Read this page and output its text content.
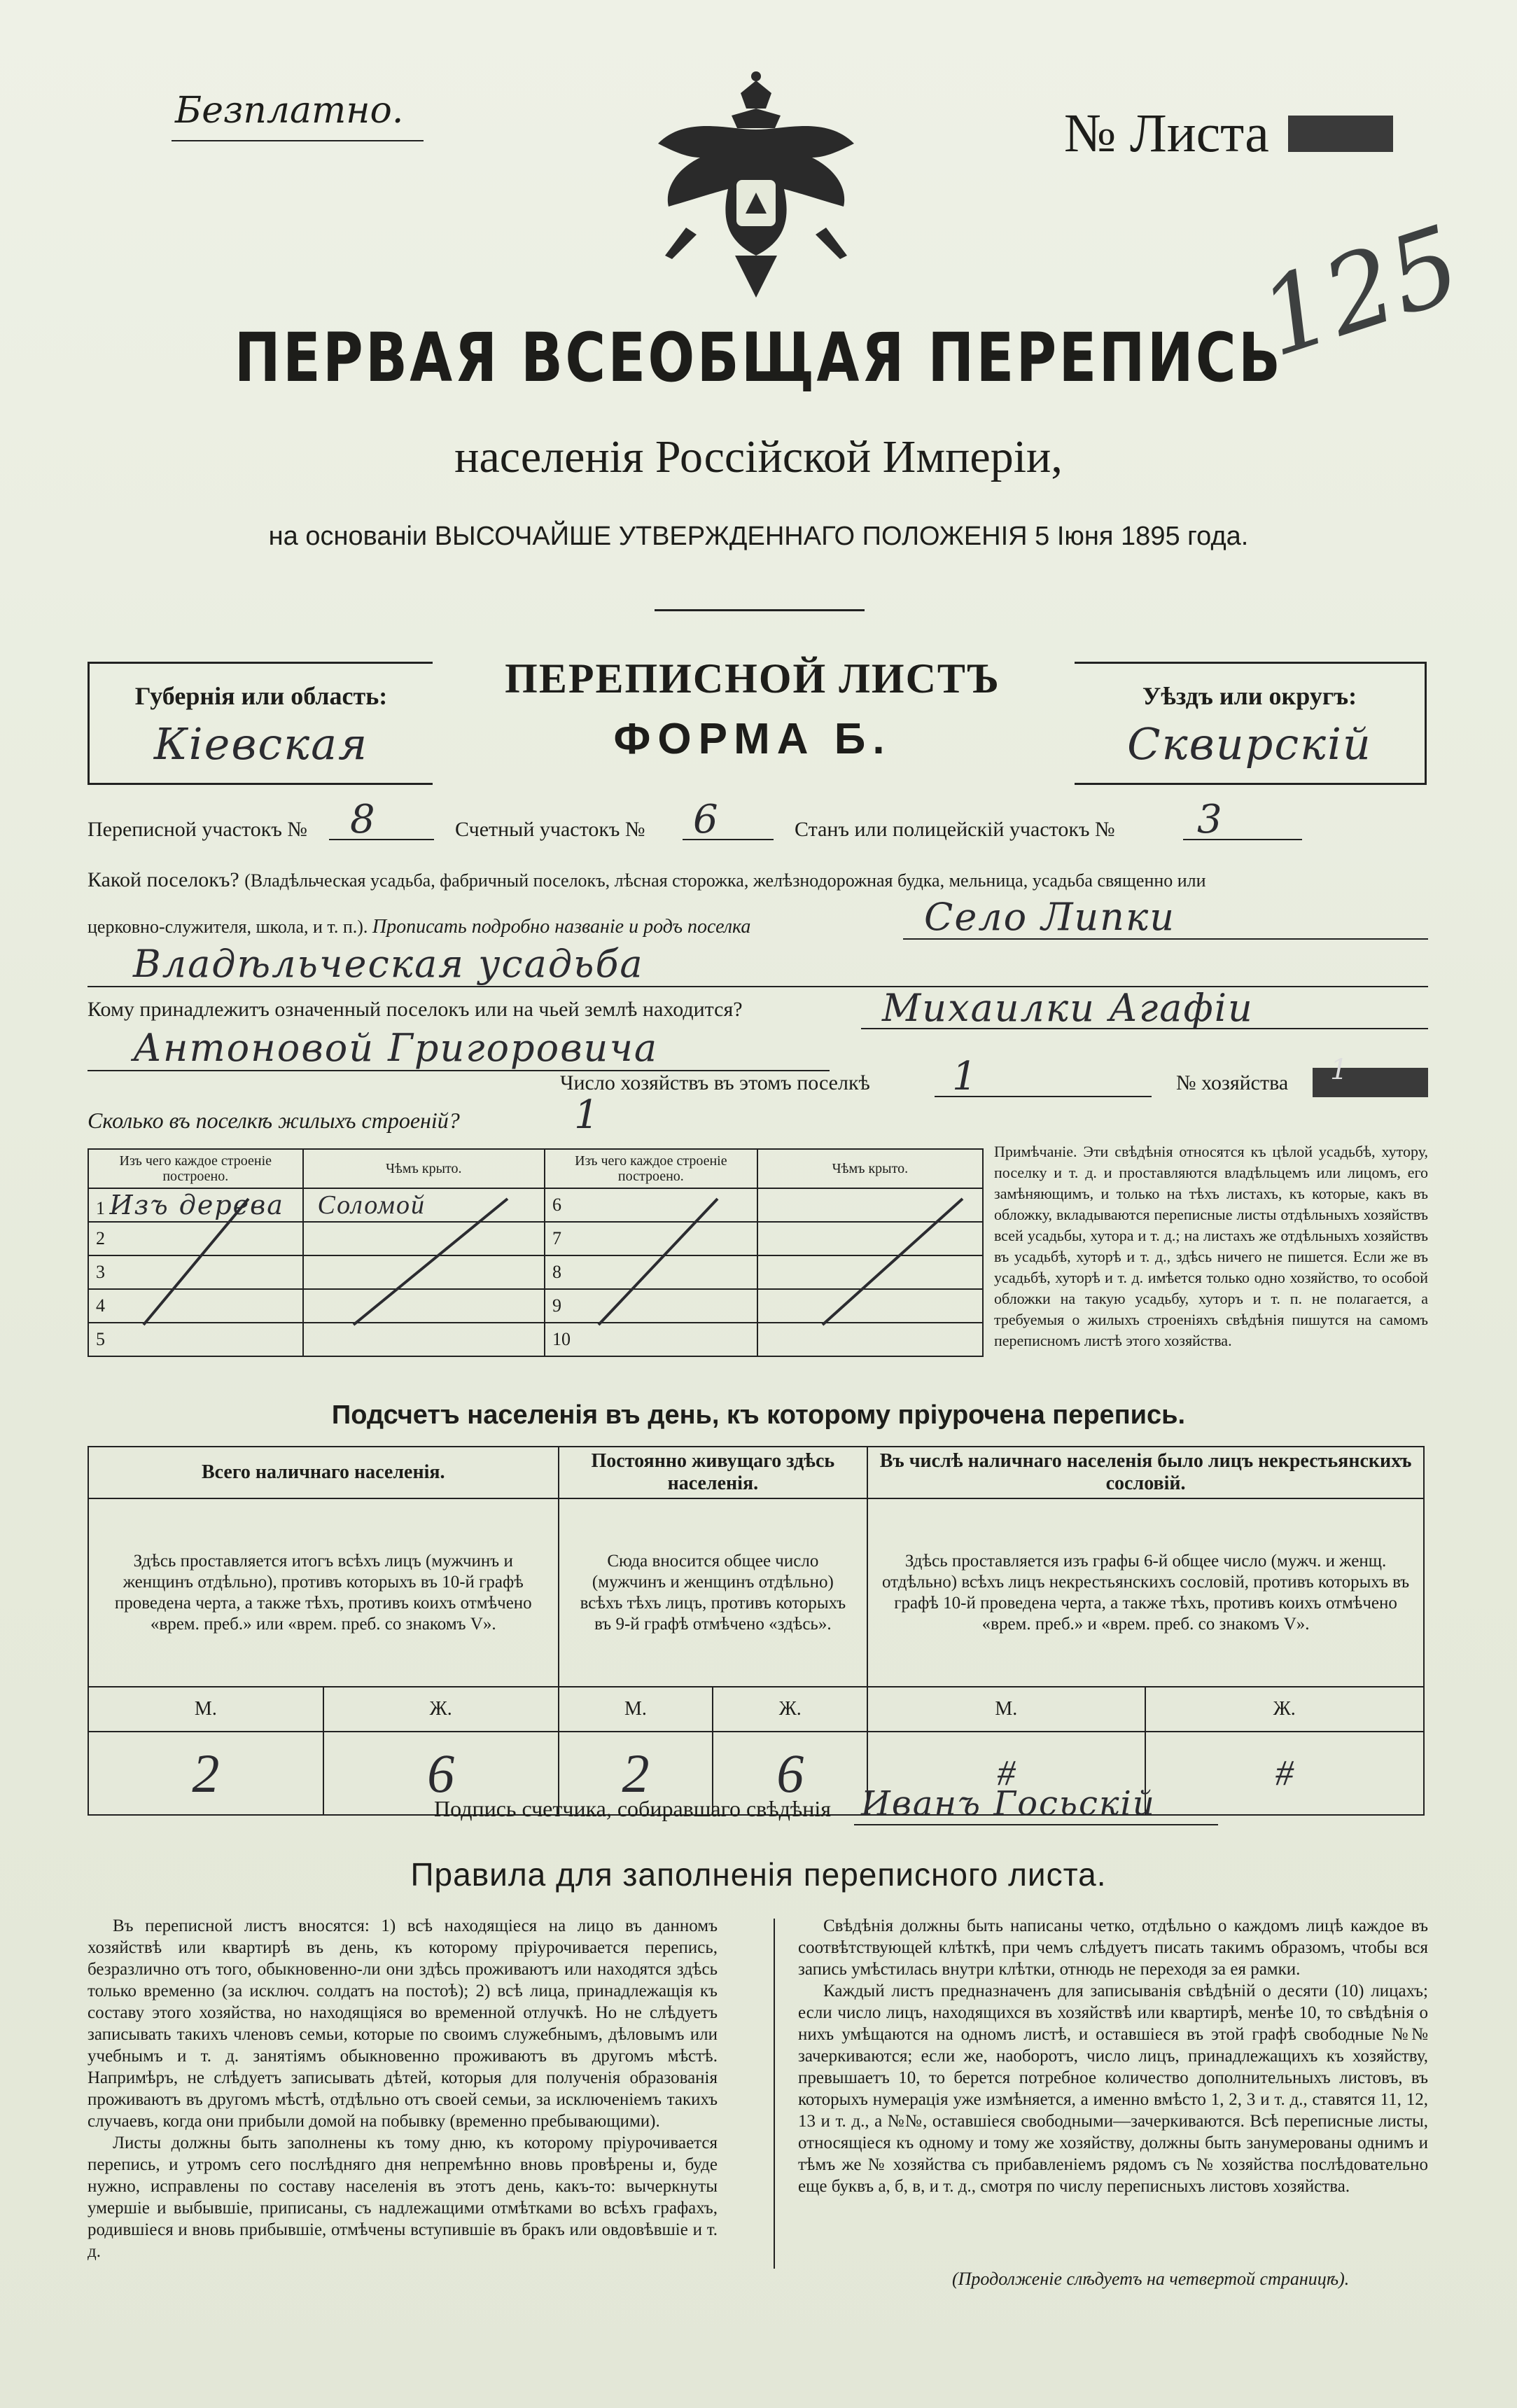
Безплатно.	№ Листа
125
ПЕРВАЯ ВСЕОБЩАЯ ПЕРЕПИСЬ
населенія Россійской Имперіи,
на основаніи ВЫСОЧАЙШЕ УТВЕРЖДЕННАГО ПОЛОЖЕНІЯ 5 Іюня 1895 года.
Губернія или область:
Кіевская
ПЕРЕПИСНОЙ ЛИСТЪ
ФОРМА Б.
Уѣздъ или округъ:
Сквирскій
Переписной участокъ № 8	Счетный участокъ № 6	Станъ или полицейскій участокъ № 3
Какой поселокъ? (Владѣльческая усадьба, фабричный поселокъ, лѣсная сторожка, желѣзнодорожная будка, мельница, усадьба священно или
церковно-служителя, школа, и т. п.). Прописать подробно названіе и родъ поселка	Село Липки
Владѣльческая усадьба
Кому принадлежитъ означенный поселокъ или на чьей землѣ находится?	Михаилки Агафіи
Антоновой Григоровича
Число хозяйствъ въ этомъ поселкѣ 1	№ хозяйства 1
Сколько въ поселкѣ жилыхъ строеній?	1
Изъ чего каждое строеніе построено.	Чѣмъ крыто.	Изъ чего каждое строеніе построено.	Чѣмъ крыто.
1 Изъ дерева	Соломой	6	
2		7	
3		8	
4		9	
5		10	
Примѣчаніе. Эти свѣдѣнія относятся къ цѣлой усадьбѣ, хутору, поселку и т. д. и проставляются владѣльцемъ или лицомъ, его замѣняющимъ, и только на тѣхъ листахъ, къ которые, какъ въ обложку, вкладываются переписные листы отдѣльныхъ хозяйствъ всей усадьбы, хутора и т. д.; на листахъ же отдѣльныхъ хозяйствъ въ усадьбѣ, хуторѣ и т. д., здѣсь ничего не пишется. Если же въ усадьбѣ, хуторѣ и т. д. имѣется только одно хозяйство, то особой обложки на такую усадьбу, хуторъ и т. п. не полагается, а требуемыя о жилыхъ строеніяхъ свѣдѣнія пишутся на самомъ переписномъ листѣ этого хозяйства.
Подсчетъ населенія въ день, къ которому пріурочена перепись.
Всего наличнаго населенія.		Постоянно живущаго здѣсь населенія.		Въ числѣ наличнаго населенія было лицъ некрестьянскихъ сословій.	
Здѣсь проставляется итогъ всѣхъ лицъ (мужчинъ и женщинъ отдѣльно), противъ которыхъ въ 10-й графѣ проведена черта, а также тѣхъ, противъ коихъ отмѣчено «врем. преб.» или «врем. преб. со знакомъ V».		Сюда вносится общее число (мужчинъ и женщинъ отдѣльно) всѣхъ тѣхъ лицъ, противъ которыхъ въ 9-й графѣ отмѣчено «здѣсь».		Здѣсь проставляется изъ графы 6-й общее число (мужч. и женщ. отдѣльно) всѣхъ лицъ некрестьянскихъ сословій, противъ которыхъ въ графѣ 10-й проведена черта, а также тѣхъ, противъ коихъ отмѣчено «врем. преб.» и «врем. преб. со знакомъ V».	
М.	Ж.	М.	Ж.	М.	Ж.
2	6	2	6	#	#
Подпись счетчика, собиравшаго свѣдѣнія Иванъ Госьскій
Правила для заполненія переписного листа.

Въ переписной листъ вносятся: 1) всѣ находящіеся на лицо въ данномъ хозяйствѣ или квартирѣ въ день, къ которому пріурочивается перепись, безразлично отъ того, обыкновенно-ли они здѣсь проживаютъ или находятся здѣсь только временно (за исключ. солдатъ на постоѣ); 2) всѣ лица, принадлежащія къ составу этого хозяйства, но находящіяся во временной отлучкѣ. Но не слѣдуетъ записывать такихъ членовъ семьи, которые по своимъ служебнымъ, дѣловымъ или учебнымъ и т. д. занятіямъ обыкновенно проживаютъ въ другомъ мѣстѣ. Напримѣръ, не слѣдуетъ записывать дѣтей, которыя для полученія образованія проживаютъ въ другомъ мѣстѣ, отдѣльно отъ своей семьи, за исключеніемъ такихъ случаевъ, когда они прибыли домой на побывку (временно пребывающими).

Листы должны быть заполнены къ тому дню, къ которому пріурочивается перепись, и утромъ сего послѣдняго дня непремѣнно вновь провѣрены и, буде нужно, исправлены по составу населенія въ этотъ день, какъ-то: вычеркнуты умершіе и выбывшіе, приписаны, съ надлежащими отмѣтками во всѣхъ графахъ, родившіеся и вновь прибывшіе, отмѣчены вступившіе въ бракъ или овдовѣвшіе и т. д.

Свѣдѣнія должны быть написаны четко, отдѣльно о каждомъ лицѣ каждое въ соотвѣтствующей клѣткѣ, при чемъ слѣдуетъ писать такимъ образомъ, чтобы вся запись умѣстилась внутри клѣтки, отнюдь не переходя за ея рамки.

Каждый листъ предназначенъ для записыванія свѣдѣній о десяти (10) лицахъ; если число лицъ, находящихся въ хозяйствѣ или квартирѣ, менѣе 10, то свѣдѣнія о нихъ умѣщаются на одномъ листѣ, и оставшіеся въ этой графѣ свободные №№ зачеркиваются; если же, наоборотъ, число лицъ, принадлежащихъ къ хозяйству, превышаетъ 10, то берется потребное количество дополнительныхъ листовъ, въ которыхъ нумерація уже измѣняется, а именно вмѣсто 1, 2, 3 и т. д., ставятся 11, 12, 13 и т. д., а №№, оставшіеся свободными—зачеркиваются. Всѣ переписные листы, относящіеся къ одному и тому же хозяйству, должны быть занумерованы однимъ и тѣмъ же № хозяйства съ прибавленіемъ рядомъ съ № хозяйства послѣдовательно еще буквъ а, б, в, и т. д., смотря по числу переписныхъ листовъ хозяйства.

(Продолженіе слѣдуетъ на четвертой страницѣ).
